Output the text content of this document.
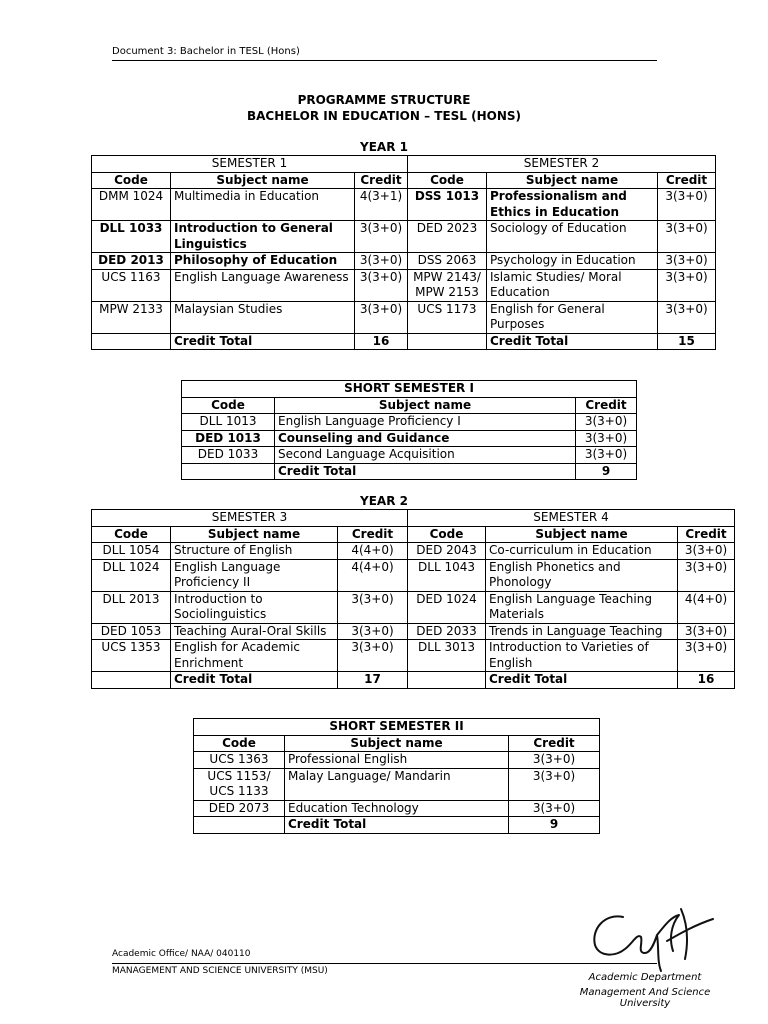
Document 3: Bachelor in TESL (Hons)
PROGRAMME STRUCTURE
BACHELOR IN EDUCATION – TESL (HONS)
YEAR 1
SEMESTER 1			SEMESTER 2		
Code	Subject name	Credit	Code	Subject name	Credit
DMM 1024	Multimedia in Education	4(3+1)	DSS 1013	Professionalism and Ethics in Education	3(3+0)
DLL 1033	Introduction to General Linguistics	3(3+0)	DED 2023	Sociology of Education	3(3+0)
DED 2013	Philosophy of Education	3(3+0)	DSS 2063	Psychology in Education	3(3+0)
UCS 1163	English Language Awareness	3(3+0)	MPW 2143/ MPW 2153	Islamic Studies/ Moral Education	3(3+0)
MPW 2133	Malaysian Studies	3(3+0)	UCS 1173	English for General Purposes	3(3+0)
	Credit Total	16		Credit Total	15
SHORT SEMESTER I		
Code	Subject name	Credit
DLL 1013	English Language Proficiency I	3(3+0)
DED 1013	Counseling and Guidance	3(3+0)
DED 1033	Second Language Acquisition	3(3+0)
	Credit Total	9
YEAR 2
SEMESTER 3			SEMESTER 4		
Code	Subject name	Credit	Code	Subject name	Credit
DLL 1054	Structure of English	4(4+0)	DED 2043	Co-curriculum in Education	3(3+0)
DLL 1024	English Language Proficiency II	4(4+0)	DLL 1043	English Phonetics and Phonology	3(3+0)
DLL 2013	Introduction to Sociolinguistics	3(3+0)	DED 1024	English Language Teaching Materials	4(4+0)
DED 1053	Teaching Aural-Oral Skills	3(3+0)	DED 2033	Trends in Language Teaching	3(3+0)
UCS 1353	English for Academic Enrichment	3(3+0)	DLL 3013	Introduction to Varieties of English	3(3+0)
	Credit Total	17		Credit Total	16
SHORT SEMESTER II		
Code	Subject name	Credit
UCS 1363	Professional English	3(3+0)
UCS 1153/ UCS 1133	Malay Language/ Mandarin	3(3+0)
DED 2073	Education Technology	3(3+0)
	Credit Total	9
Academic Office/ NAA/ 040110
MANAGEMENT AND SCIENCE UNIVERSITY (MSU)
Academic Department
Management And Science University
